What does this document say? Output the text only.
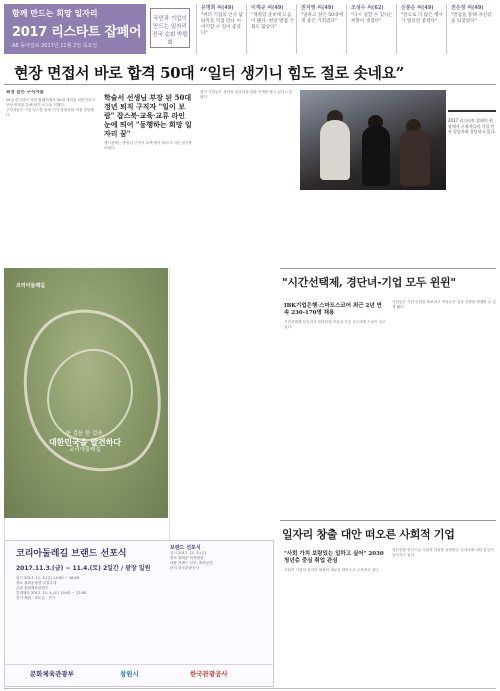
함께 만드는 희망 일자리
2017 리스타트 잡페어
A8 동아일보 2017년 11월 2일 목요일
국민과 기업이 만드는 일자리 전국 순회 박람회
유명희 씨(49)
"여러 기업의 인사 담당자를 직접 만나 이야기할 수 있어 좋았다"
이재규 씨(49)
"재취업 준비에 도움이 됐다. 현장 면접 기회도 많았다"
권지영 씨(49)
"일하고 싶은 50대에게 좋은 기회였다"
조성수 씨(62)
"다시 일할 수 있다는 희망이 생겼다"
신봉순 씨(49)
"앞으로 더 많은 행사가 열리면 좋겠다"
권은정 씨(49)
"면접을 통해 자신감을 되찾았다"
현장 면접서 바로 합격 50대 “일터 생기니 힘도 절로 솟네요”
최정 같은 구직자들

26일 한국에서 열린 잡페어에서 50대 재취업 희망자들이 현장 면접을 통해 합격 소식을 전했다.

구직자들은 기업 부스를 돌며 인사 담당자와 직접 상담했다.

학술서 선생님 부장 된 50대 정년 퇴직 구직자 "일이 보람" 잡스북·교육·교류 라인 눈에 띄어 "동행하는 희망 일자리 꿈"

행사장에는 중장년 구직자 수백 명이 몰려 뜨거운 열기를 보였다.

참가 기업들은 경력과 성실함을 갖춘 인재를 찾고 있다고 밝혔다.

2017 리스타트 잡페어 현장에서 구직자들이 기업 인사 담당자와 상담하고 있다.
코리아둘레길
한 걸음 한 걸음,
대한민국을 발견하다
코리아둘레길
코리아둘레길 브랜드 선포식
2017.11.3.(금) ~ 11.4.(토) 2일간 / 광장 일원
일시 2017. 11. 3.(금) 14:00 ~ 16:00
장소 광화문광장 특설무대
주관 문화체육관광부
부대행사 2017. 11. 4.(토) 10:00 ~ 17:00
걷기 체험 · 포토존 · 전시
브랜드 선포식
일시 2017. 11. 3.(금)
장소 광화문 북측광장
내용 브랜드 선포, 축하공연
문의 한국관광공사
문화체육관광부	창원시	한국관광공사
"시간선택제, 경단녀-기업 모두 윈윈"
IBK기업은행·스마트스코어 최근 2년 연속 230-170명 채용

시간선택제 일자리가 경력단절 여성과 기업 모두에게 도움이 되고 있다.

기업들은 숙련 인력을 확보하고 여성들은 일과 가정을 병행할 수 있게 됐다.

일자리 창출 대안 떠오른 사회적 기업
"사회 가치 보람있는 일하고 싶어" 2030 청년층 중심 취업 관심

사회적 기업이 일자리 창출의 새로운 대안으로 주목받고 있다.

청년층을 중심으로 사회적 가치를 실현하는 일자리에 대한 관심이 높아지고 있다.
